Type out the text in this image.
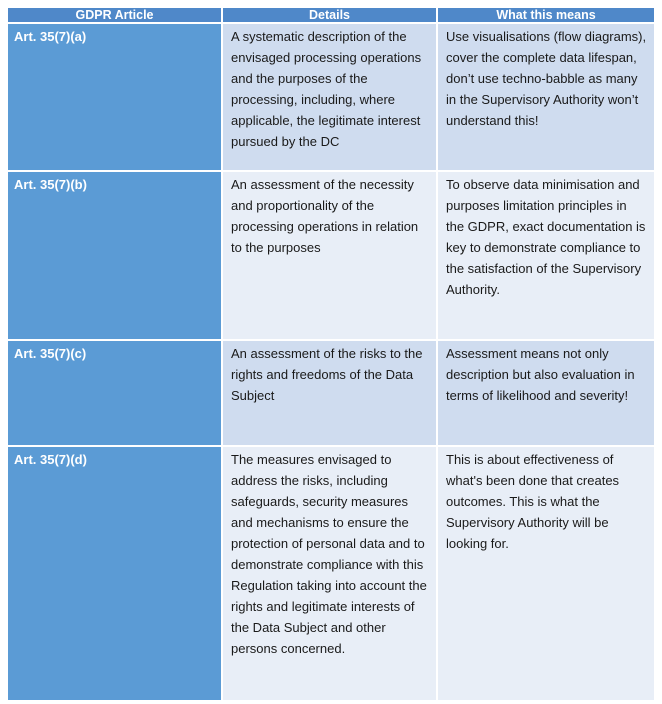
GDPR Article	Details	What this means
Art. 35(7)(a)	A systematic description of the envisaged processing operations and the purposes of the processing, including, where applicable, the legitimate interest pursued by the DC	Use visualisations (flow diagrams), cover the complete data lifespan, don’t use techno-babble as many in the Supervisory Authority won’t understand this!
Art. 35(7)(b)	An assessment of the necessity and proportionality of the processing operations in relation to the purposes	To observe data minimisation and purposes limitation principles in the GDPR, exact documentation is key to demonstrate compliance to the satisfaction of the Supervisory Authority.
Art. 35(7)(c)	An assessment of the risks to the rights and freedoms of the Data Subject	Assessment means not only description but also evaluation in terms of likelihood and severity!
Art. 35(7)(d)	The measures envisaged to address the risks, including safeguards, security measures and mechanisms to ensure the protection of personal data and to demonstrate compliance with this Regulation taking into account the rights and legitimate interests of the Data Subject and other persons concerned.	This is about effectiveness of what's been done that creates outcomes. This is what the Supervisory Authority will be looking for.
